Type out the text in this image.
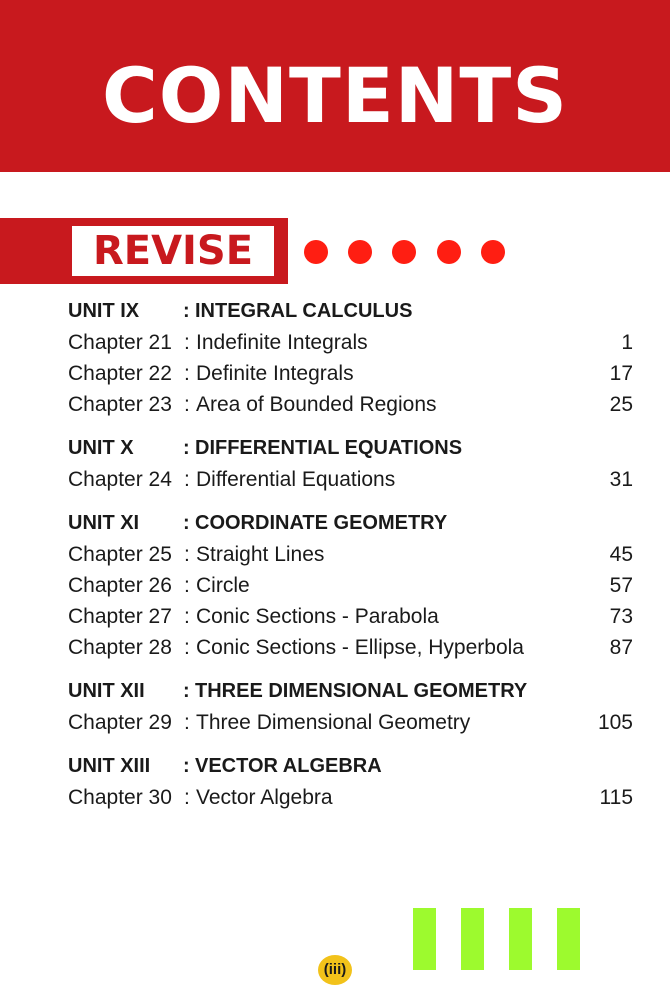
CONTENTS
REVISE
UNIT IX : INTEGRAL CALCULUS
Chapter 21 : Indefinite Integrals	1
Chapter 22 : Definite Integrals	17
Chapter 23 : Area of Bounded Regions	25
UNIT X : DIFFERENTIAL EQUATIONS
Chapter 24 : Differential Equations	31
UNIT XI : COORDINATE GEOMETRY
Chapter 25 : Straight Lines	45
Chapter 26 : Circle	57
Chapter 27 : Conic Sections - Parabola	73
Chapter 28 : Conic Sections - Ellipse, Hyperbola	87
UNIT XII : THREE DIMENSIONAL GEOMETRY
Chapter 29 : Three Dimensional Geometry	105
UNIT XIII : VECTOR ALGEBRA
Chapter 30 : Vector Algebra	115
(iii)
